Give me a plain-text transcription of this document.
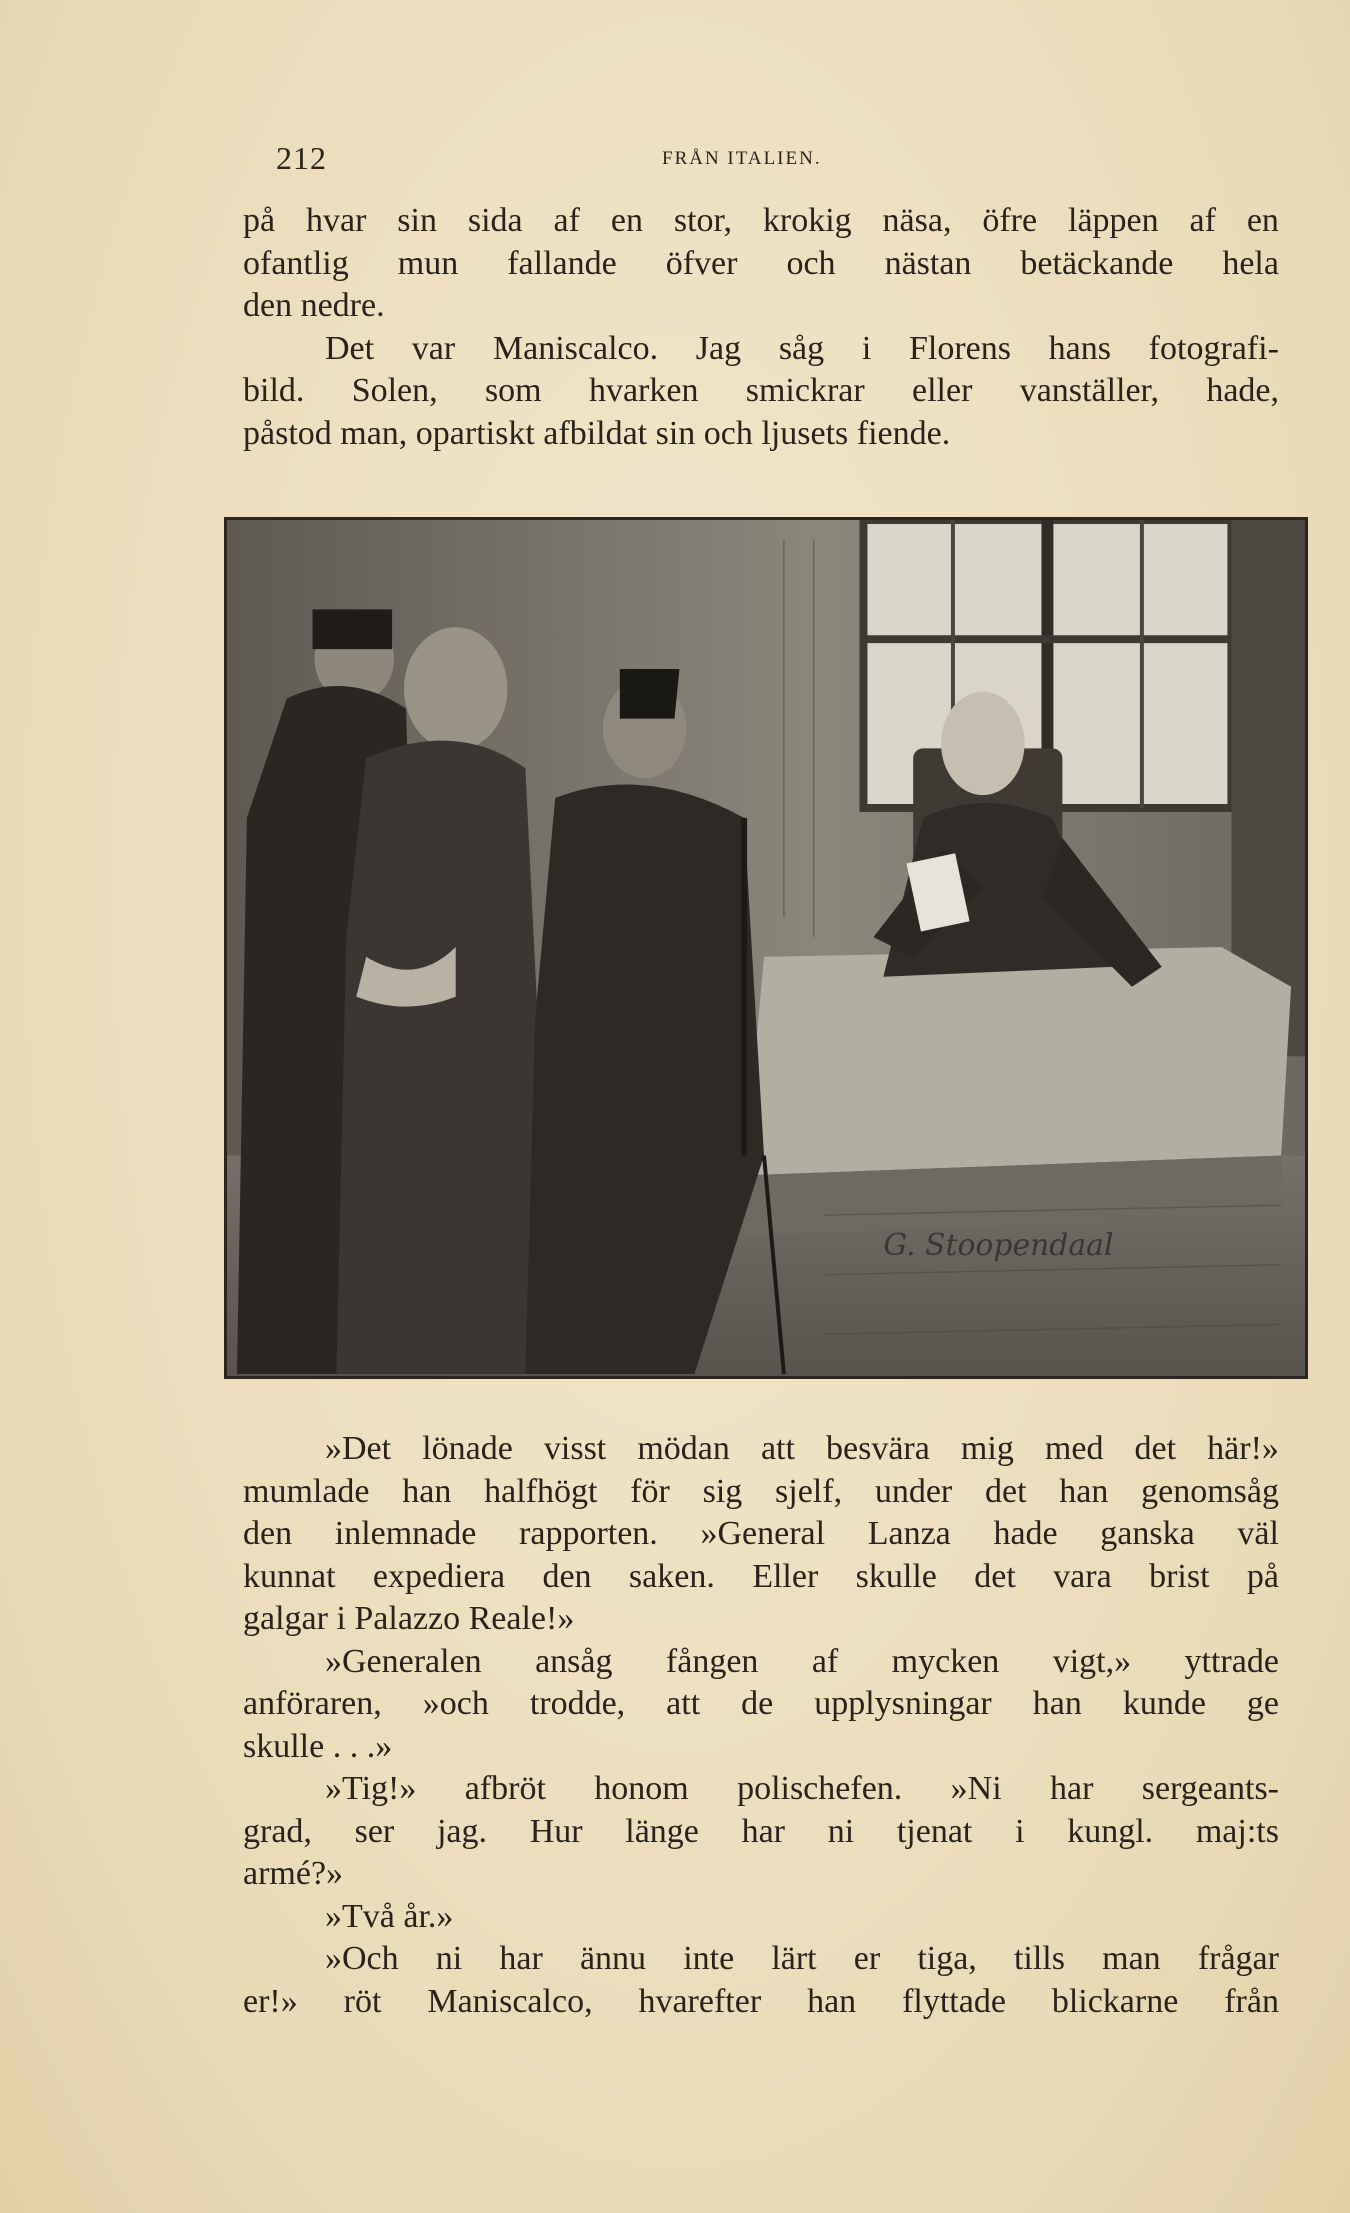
212	FRÅN ITALIEN.
på hvar sin sida af en stor, krokig näsa, öfre läppen af en
ofantlig mun fallande öfver och nästan betäckande hela
den nedre.
Det var Maniscalco. Jag såg i Florens hans fotografi-
bild. Solen, som hvarken smickrar eller vanställer, hade,
påstod man, opartiskt afbildat sin och ljusets fiende.
G. Stoopendaal
»Det lönade visst mödan att besvära mig med det här!»
mumlade han halfhögt för sig sjelf, under det han genomsåg
den inlemnade rapporten. »General Lanza hade ganska väl
kunnat expediera den saken. Eller skulle det vara brist på
galgar i Palazzo Reale!»
»Generalen ansåg fången af mycken vigt,» yttrade
anföraren, »och trodde, att de upplysningar han kunde ge
skulle . . .»
»Tig!» afbröt honom polischefen. »Ni har sergeants-
grad, ser jag. Hur länge har ni tjenat i kungl. maj:ts
armé?»
»Två år.»
»Och ni har ännu inte lärt er tiga, tills man frågar
er!» röt Maniscalco, hvarefter han flyttade blickarne från
